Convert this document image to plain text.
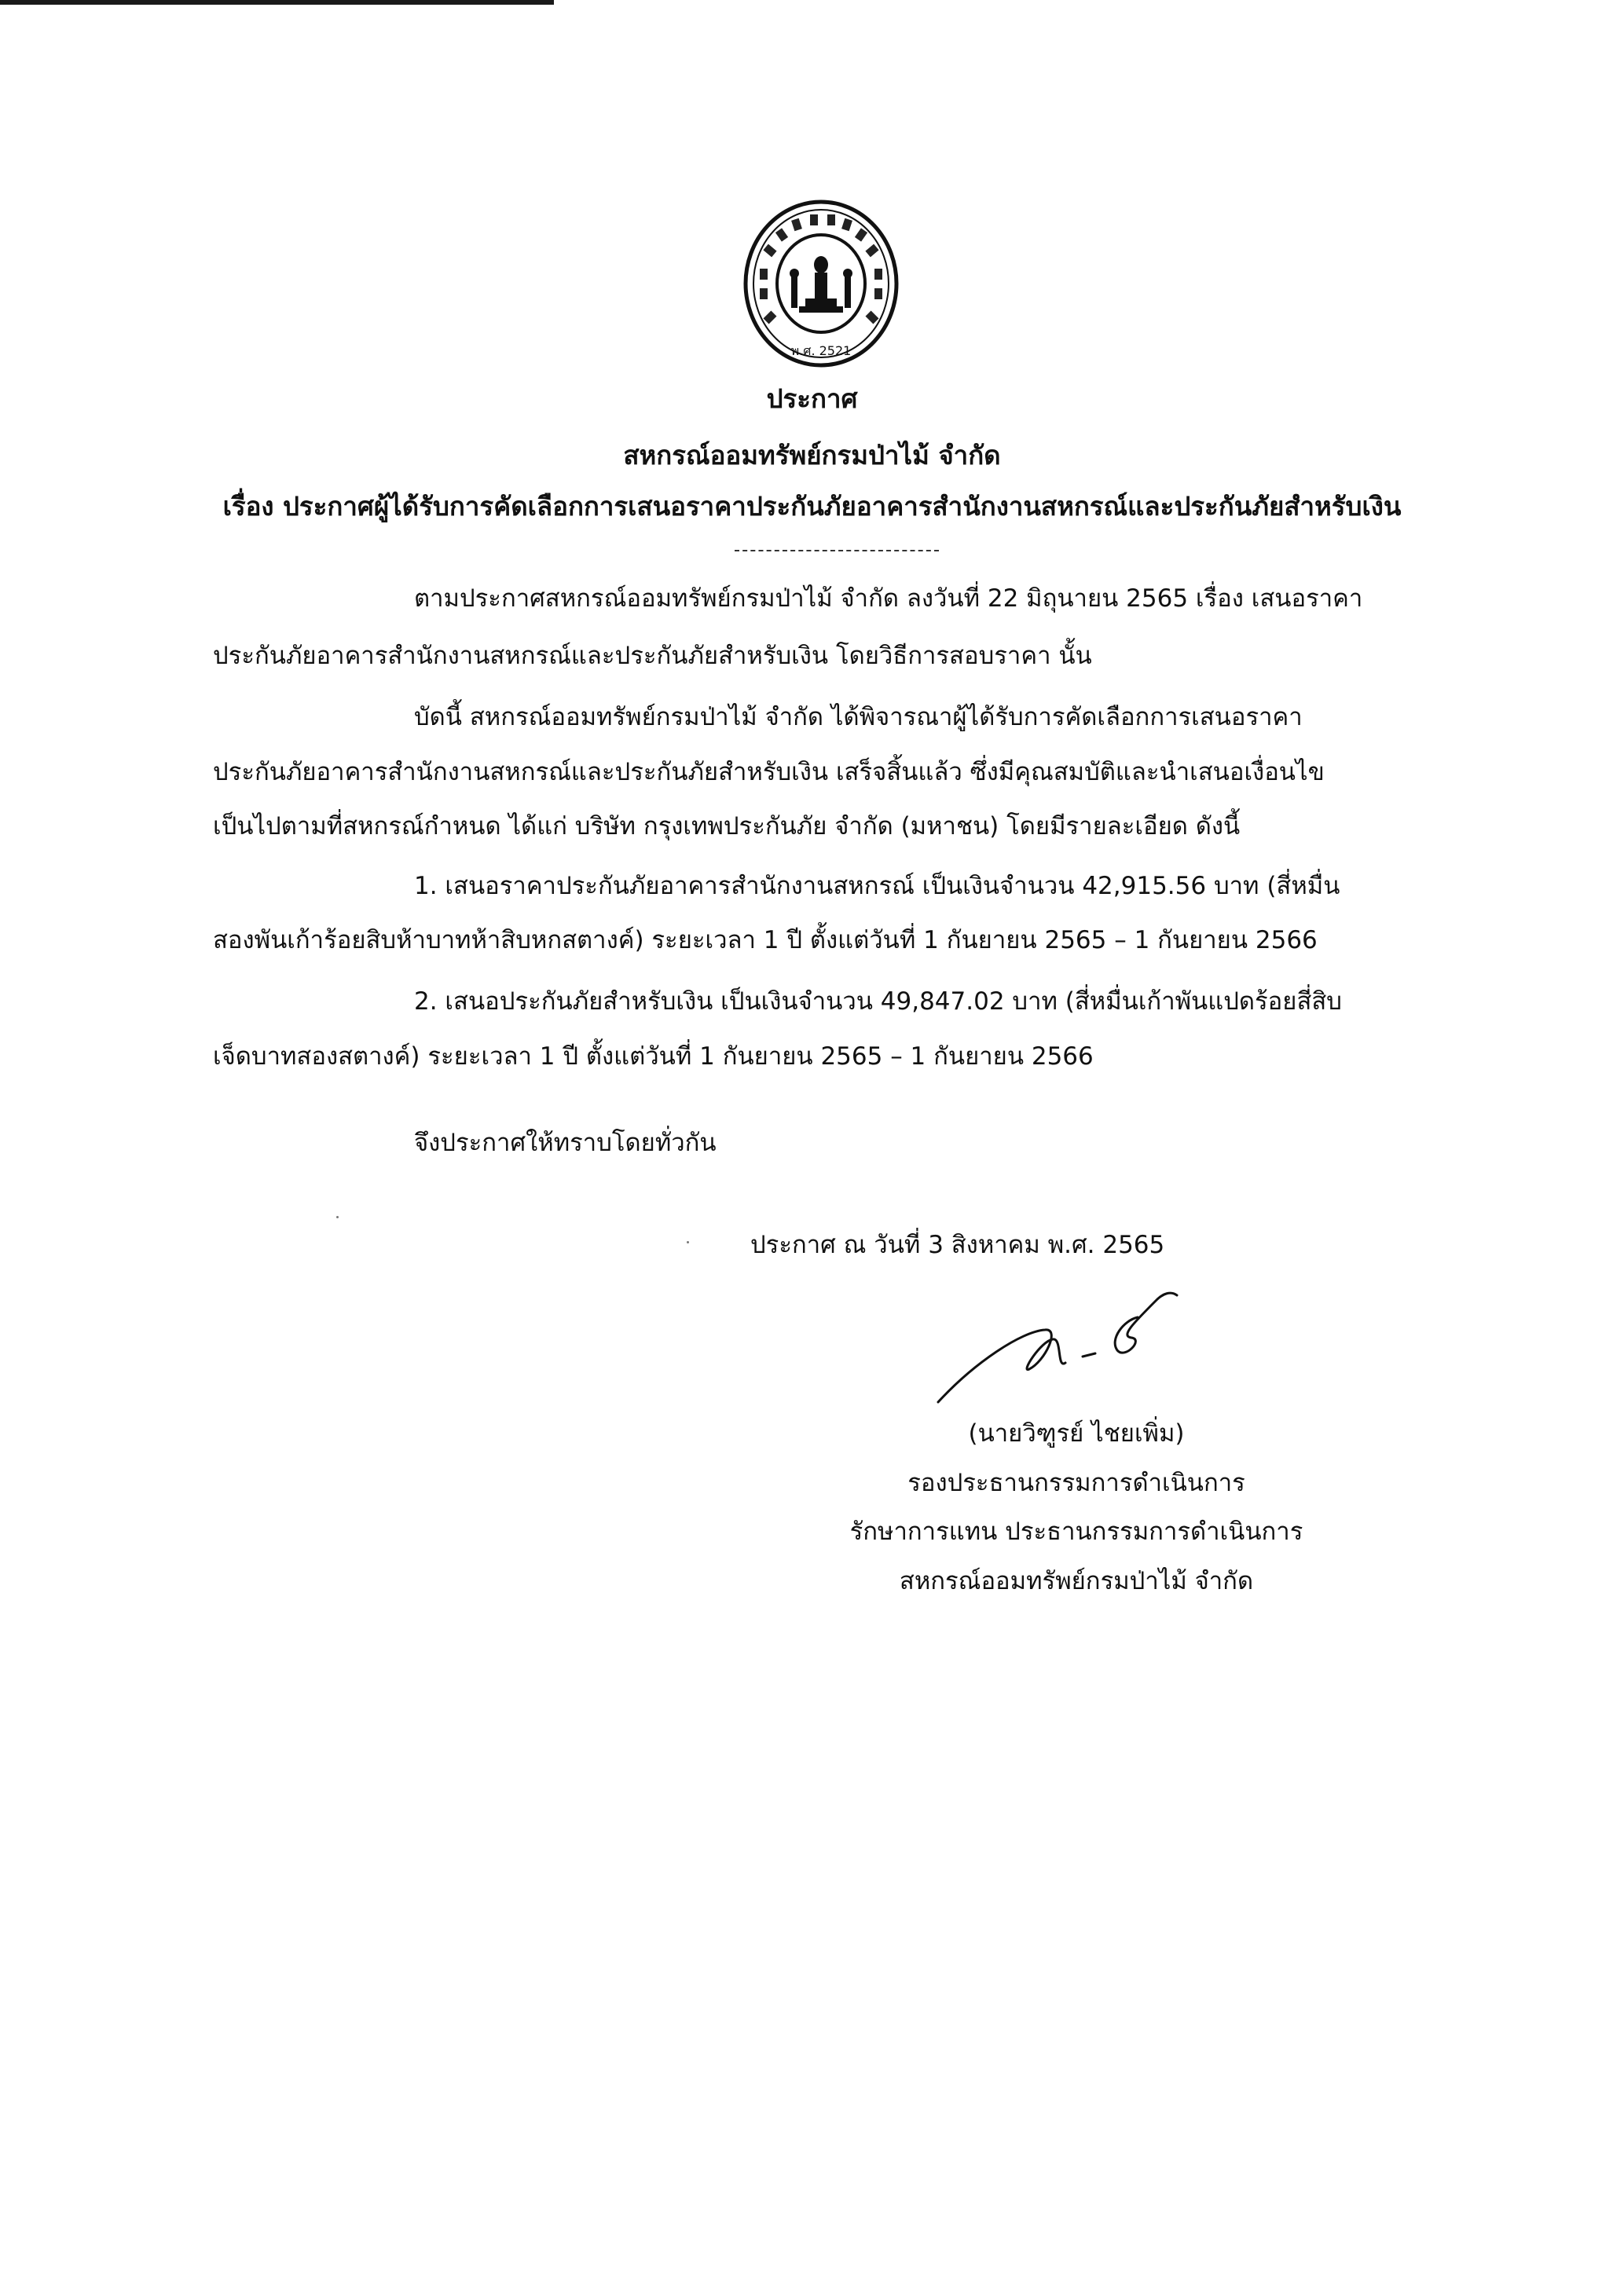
พ.ศ. 2521
ประกาศ
สหกรณ์ออมทรัพย์กรมป่าไม้ จำกัด
เรื่อง ประกาศผู้ได้รับการคัดเลือกการเสนอราคาประกันภัยอาคารสำนักงานสหกรณ์และประกันภัยสำหรับเงิน
ตามประกาศสหกรณ์ออมทรัพย์กรมป่าไม้ จำกัด ลงวันที่ 22 มิถุนายน 2565 เรื่อง เสนอราคา
ประกันภัยอาคารสำนักงานสหกรณ์และประกันภัยสำหรับเงิน โดยวิธีการสอบราคา นั้น
บัดนี้ สหกรณ์ออมทรัพย์กรมป่าไม้ จำกัด ได้พิจารณาผู้ได้รับการคัดเลือกการเสนอราคา
ประกันภัยอาคารสำนักงานสหกรณ์และประกันภัยสำหรับเงิน เสร็จสิ้นแล้ว ซึ่งมีคุณสมบัติและนำเสนอเงื่อนไข
เป็นไปตามที่สหกรณ์กำหนด ได้แก่ บริษัท กรุงเทพประกันภัย จำกัด (มหาชน) โดยมีรายละเอียด ดังนี้
1. เสนอราคาประกันภัยอาคารสำนักงานสหกรณ์ เป็นเงินจำนวน 42,915.56 บาท (สี่หมื่น
สองพันเก้าร้อยสิบห้าบาทห้าสิบหกสตางค์) ระยะเวลา 1 ปี ตั้งแต่วันที่ 1 กันยายน 2565 – 1 กันยายน 2566
2. เสนอประกันภัยสำหรับเงิน เป็นเงินจำนวน 49,847.02 บาท (สี่หมื่นเก้าพันแปดร้อยสี่สิบ
เจ็ดบาทสองสตางค์) ระยะเวลา 1 ปี ตั้งแต่วันที่ 1 กันยายน 2565 – 1 กันยายน 2566
จึงประกาศให้ทราบโดยทั่วกัน
ประกาศ ณ วันที่ 3 สิงหาคม พ.ศ. 2565
(นายวิฑูรย์ ไชยเพิ่ม)
รองประธานกรรมการดำเนินการ
รักษาการแทน ประธานกรรมการดำเนินการ
สหกรณ์ออมทรัพย์กรมป่าไม้ จำกัด
